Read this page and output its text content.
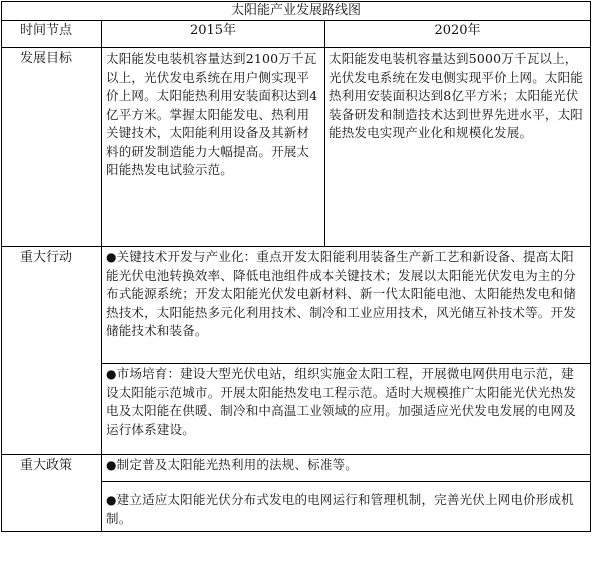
太阳能产业发展路线图		
时间节点	2015年	2020年
发展目标	太阳能发电装机容量达到2100万千瓦以上，光伏发电系统在用户侧实现平价上网。太阳能热利用安装面积达到4亿平方米。掌握太阳能发电、热利用关键技术，太阳能利用设备及其新材料的研发制造能力大幅提高。开展太阳能热发电试验示范。	太阳能发电装机容量达到5000万千瓦以上，光伏发电系统在发电侧实现平价上网。太阳能热利用安装面积达到8亿平方米；太阳能光伏装备研发和制造技术达到世界先进水平，太阳能热发电实现产业化和规模化发展。
重大行动	●关键技术开发与产业化：重点开发太阳能利用装备生产新工艺和新设备、提高太阳能光伏电池转换效率、降低电池组件成本关键技术；发展以太阳能光伏发电为主的分布式能源系统；开发太阳能光伏发电新材料、新一代太阳能电池、太阳能热发电和储热技术，太阳能热多元化利用技术、制冷和工业应用技术，风光储互补技术等。开发储能技术和装备。	
	●市场培育：建设大型光伏电站，组织实施金太阳工程，开展微电网供用电示范，建设太阳能示范城市。开展太阳能热发电工程示范。适时大规模推广太阳能光伏光热发电及太阳能在供暖、制冷和中高温工业领域的应用。加强适应光伏发电发展的电网及运行体系建设。	
重大政策	●制定普及太阳能光热利用的法规、标准等。	

●建立适应太阳能光伏分布式发电的电网运行和管理机制，完善光伏上网电价形成机制。	
